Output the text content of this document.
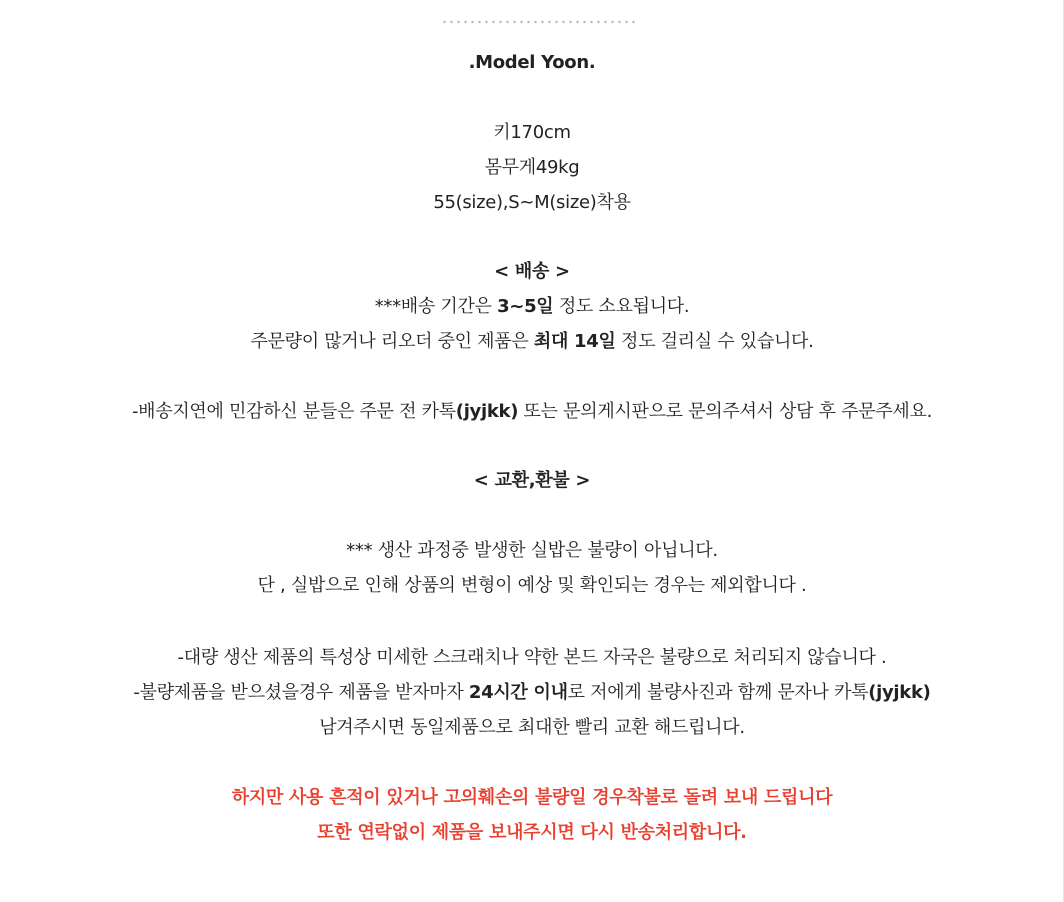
.Model Yoon.
키170cm
몸무게49kg
55(size),S~M(size)착용
< 배송 >
***배송 기간은 3~5일 정도 소요됩니다.
주문량이 많거나 리오더 중인 제품은 최대 14일 정도 걸리실 수 있습니다.
-배송지연에 민감하신 분들은 주문 전 카톡(jyjkk) 또는 문의게시판으로 문의주셔서 상담 후 주문주세요.
< 교환,환불 >
*** 생산 과정중 발생한 실밥은 불량이 아닙니다.
단 , 실밥으로 인해 상품의 변형이 예상 및 확인되는 경우는 제외합니다 .
-대량 생산 제품의 특성상 미세한 스크래치나 약한 본드 자국은 불량으로 처리되지 않습니다 .
-불량제품을 받으셨을경우 제품을 받자마자 24시간 이내로 저에게 불량사진과 함께 문자나 카톡(jyjkk)
남겨주시면 동일제품으로 최대한 빨리 교환 해드립니다.
하지만 사용 흔적이 있거나 고의훼손의 불량일 경우착불로 돌려 보내 드립니다
또한 연락없이 제품을 보내주시면 다시 반송처리합니다.
